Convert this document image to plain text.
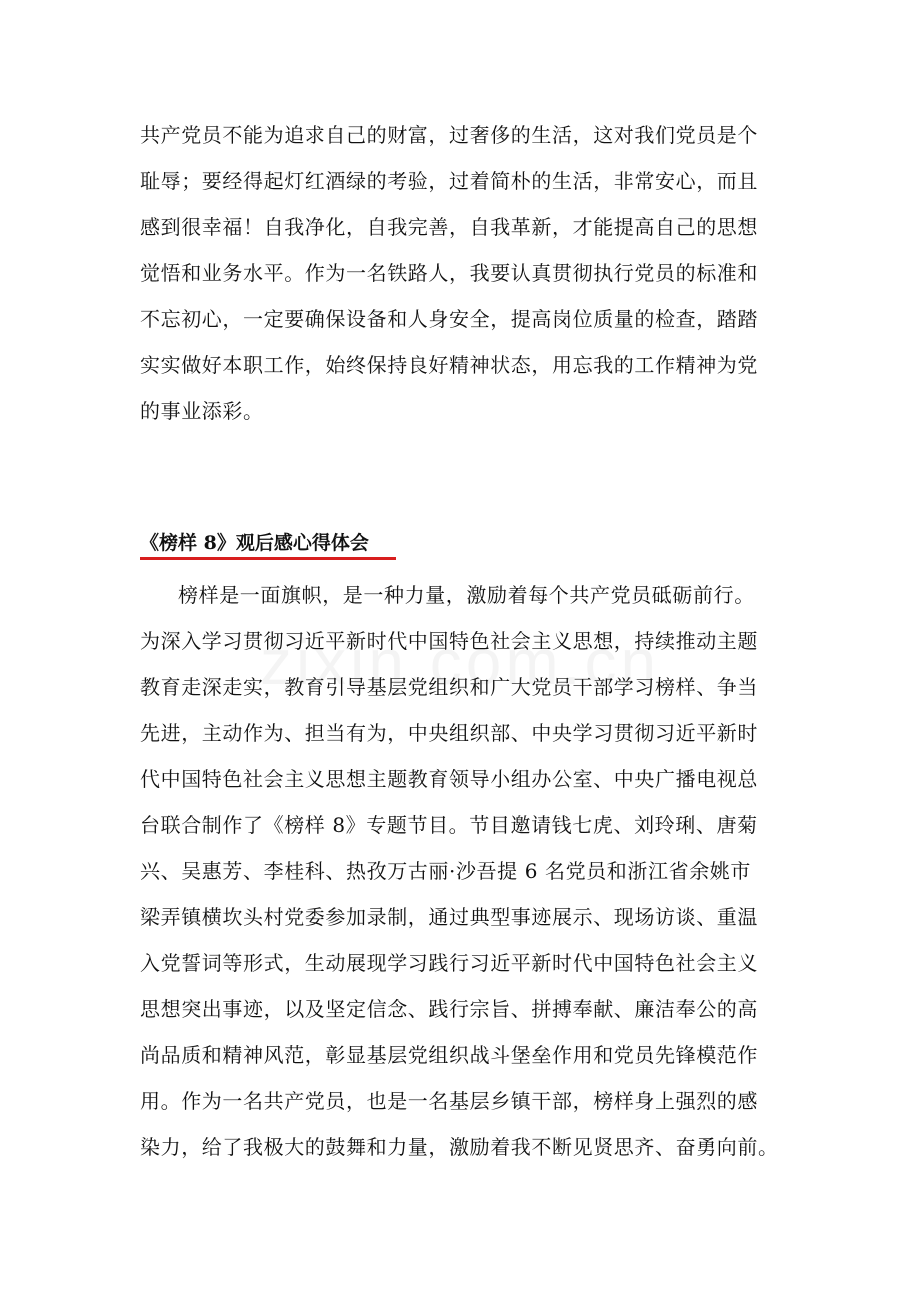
共产党员不能为追求自己的财富，过奢侈的生活，这对我们党员是个
耻辱；要经得起灯红酒绿的考验，过着简朴的生活，非常安心，而且
感到很幸福！自我净化，自我完善，自我革新，才能提高自己的思想
觉悟和业务水平。作为一名铁路人，我要认真贯彻执行党员的标准和
不忘初心，一定要确保设备和人身安全，提高岗位质量的检查，踏踏
实实做好本职工作，始终保持良好精神状态，用忘我的工作精神为党
的事业添彩。
《榜样 8》观后感心得体会
榜样是一面旗帜，是一种力量，激励着每个共产党员砥砺前行。
为深入学习贯彻习近平新时代中国特色社会主义思想，持续推动主题
教育走深走实，教育引导基层党组织和广大党员干部学习榜样、争当
先进，主动作为、担当有为，中央组织部、中央学习贯彻习近平新时
代中国特色社会主义思想主题教育领导小组办公室、中央广播电视总
台联合制作了《榜样 8》专题节目。节目邀请钱七虎、刘玲琍、唐菊
兴、吴惠芳、李桂科、热孜万古丽·沙吾提 6 名党员和浙江省余姚市
梁弄镇横坎头村党委参加录制，通过典型事迹展示、现场访谈、重温
入党誓词等形式，生动展现学习践行习近平新时代中国特色社会主义
思想突出事迹，以及坚定信念、践行宗旨、拼搏奉献、廉洁奉公的高
尚品质和精神风范，彰显基层党组织战斗堡垒作用和党员先锋模范作
用。作为一名共产党员，也是一名基层乡镇干部，榜样身上强烈的感
染力，给了我极大的鼓舞和力量，激励着我不断见贤思齐、奋勇向前。
